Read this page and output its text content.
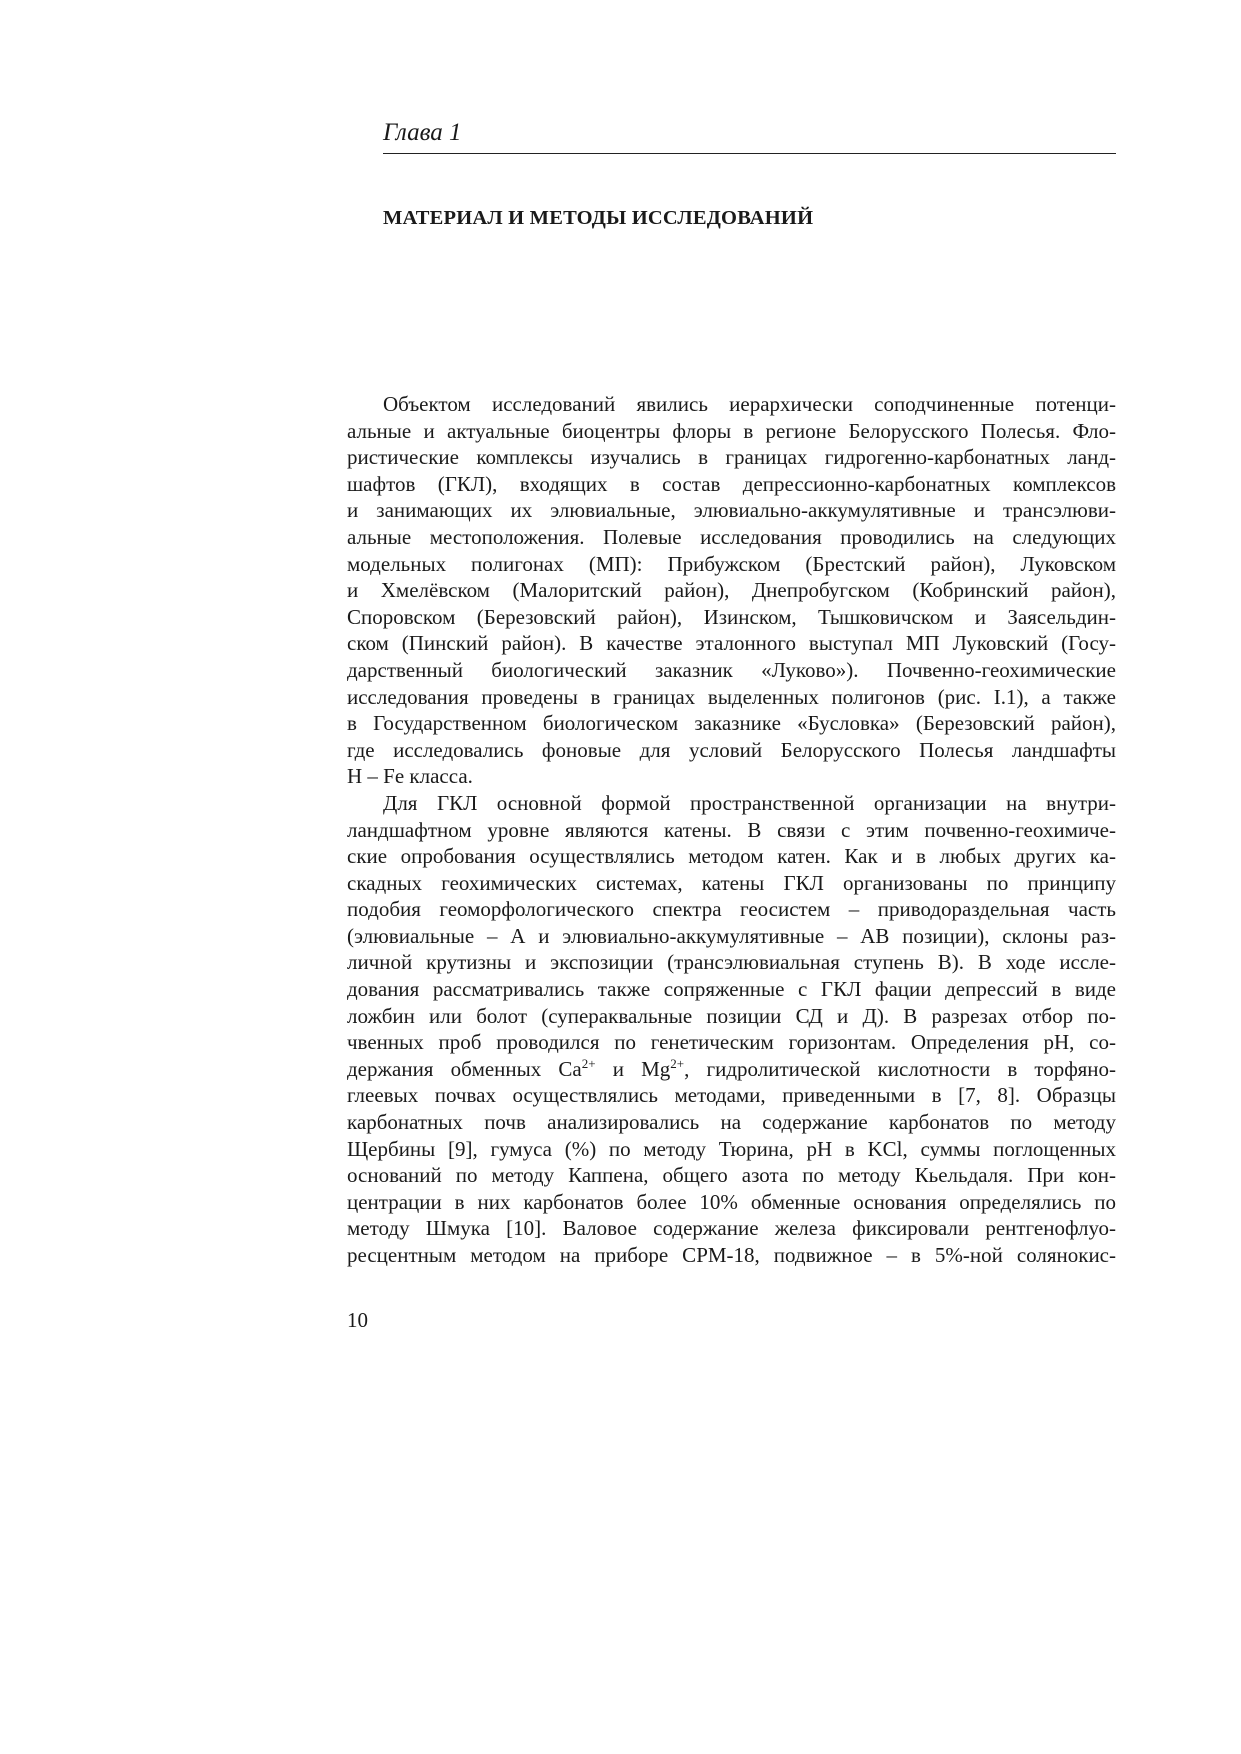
Глава 1
МАТЕРИАЛ И МЕТОДЫ ИССЛЕДОВАНИЙ
Объектом исследований явились иерархически соподчиненные потенци-
альные и актуальные биоцентры флоры в регионе Белорусского Полесья. Фло-
ристические комплексы изучались в границах гидрогенно-карбонатных ланд-
шафтов (ГКЛ), входящих в состав депрессионно-карбонатных комплексов
и занимающих их элювиальные, элювиально-аккумулятивные и трансэлюви-
альные местоположения. Полевые исследования проводились на следующих
модельных полигонах (МП): Прибужском (Брестский район), Луковском
и Хмелёвском (Малоритский район), Днепробугском (Кобринский район),
Споровском (Березовский район), Изинском, Тышковичском и Заясельдин-
ском (Пинский район). В качестве эталонного выступал МП Луковский (Госу-
дарственный биологический заказник «Луково»). Почвенно-геохимические
исследования проведены в границах выделенных полигонов (рис. I.1), а также
в Государственном биологическом заказнике «Бусловка» (Березовский район),
где исследовались фоновые для условий Белорусского Полесья ландшафты
H – Fe класса.
Для ГКЛ основной формой пространственной организации на внутри-
ландшафтном уровне являются катены. В связи с этим почвенно-геохимиче-
ские опробования осуществлялись методом катен. Как и в любых других ка-
скадных геохимических системах, катены ГКЛ организованы по принципу
подобия геоморфологического спектра геосистем – приводораздельная часть
(элювиальные – А и элювиально-аккумулятивные – АВ позиции), склоны раз-
личной крутизны и экспозиции (трансэлювиальная ступень В). В ходе иссле-
дования рассматривались также сопряженные с ГКЛ фации депрессий в виде
ложбин или болот (супераквальные позиции СД и Д). В разрезах отбор по-
чвенных проб проводился по генетическим горизонтам. Определения pH, со-
держания обменных $Ca^{2+}$ и $Mg^{2+}$, гидролитической кислотности в торфяно-
глеевых почвах осуществлялись методами, приведенными в [7, 8]. Образцы
карбонатных почв анализировались на содержание карбонатов по методу
Щербины [9], гумуса (%) по методу Тюрина, pH в KCl, суммы поглощенных
оснований по методу Каппена, общего азота по методу Кьельдаля. При кон-
центрации в них карбонатов более 10% обменные основания определялись по
методу Шмука [10]. Валовое содержание железа фиксировали рентгенофлуо-
ресцентным методом на приборе СРМ-18, подвижное – в 5%-ной солянокис-
10
